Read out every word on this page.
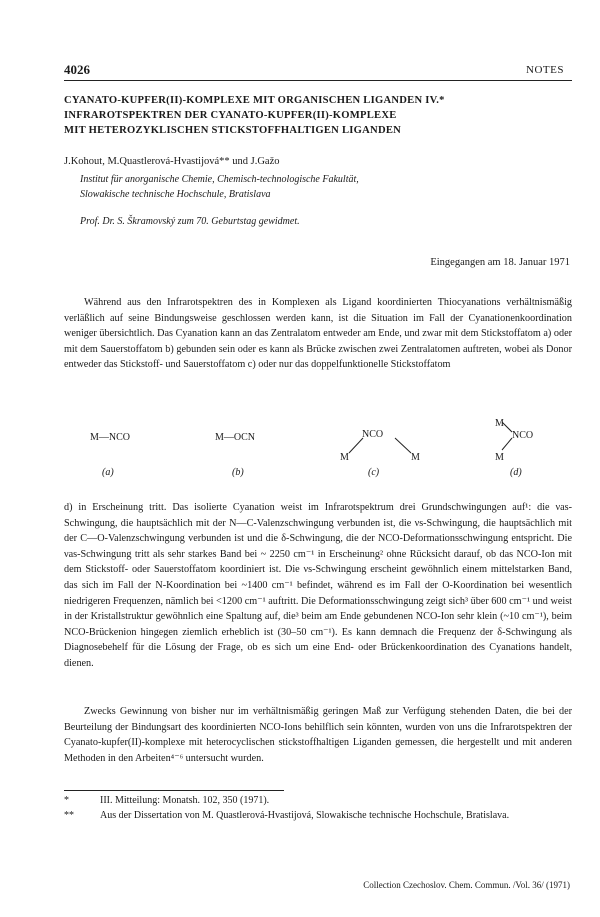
4026	NOTES
CYANATO-KUPFER(II)-KOMPLEXE MIT ORGANISCHEN LIGANDEN IV.*
INFRAROTSPEKTREN DER CYANATO-KUPFER(II)-KOMPLEXE
MIT HETEROZYKLISCHEN STICKSTOFFHALTIGEN LIGANDEN
J.Kohout, M.Quastlerová-Hvastijová** und J.Gažo
Institut für anorganische Chemie, Chemisch-technologische Fakultät,
Slowakische technische Hochschule, Bratislava
Prof. Dr. S. Škramovský zum 70. Geburtstag gewidmet.
Eingegangen am 18. Januar 1971

Während aus den Infrarotspektren des in Komplexen als Ligand koordinierten Thiocyanations verhältnismäßig verläßlich auf seine Bindungsweise geschlossen werden kann, ist die Situation im Fall der Cyanationenkoordination weniger übersichtlich. Das Cyanation kann an das Zentralatom entweder am Ende, und zwar mit dem Stickstoffatom a) oder mit dem Sauerstoffatom b) gebunden sein oder es kann als Brücke zwischen zwei Zentralatomen auftreten, wobei als Donor entweder das Stickstoff- und Sauerstoffatom c) oder nur das doppelfunktionelle Stickstoffatom

M—NCO
(a)
M—OCN
(b)
NCO
M	M
(c)
M
NCO
M
(d)

d) in Erscheinung tritt. Das isolierte Cyanation weist im Infrarotspektrum drei Grundschwingungen auf¹: die νas-Schwingung, die hauptsächlich mit der N—C-Valenzschwingung verbunden ist, die νs-Schwingung, die hauptsächlich mit der C—O-Valenzschwingung verbunden ist und die δ-Schwingung, die der NCO-Deformationsschwingung entspricht. Die νas-Schwingung tritt als sehr starkes Band bei ~ 2250 cm⁻¹ in Erscheinung² ohne Rücksicht darauf, ob das NCO-Ion mit dem Stickstoff- oder Sauerstoffatom koordiniert ist. Die νs-Schwingung erscheint gewöhnlich einem mittelstarken Band, das sich im Fall der N-Koordination bei ~1400 cm⁻¹ befindet, während es im Fall der O-Koordination bei wesentlich niedrigeren Frequenzen, nämlich bei <1200 cm⁻¹ auftritt. Die Deformationsschwingung zeigt sich³ über 600 cm⁻¹ und weist in der Kristallstruktur gewöhnlich eine Spaltung auf, die³ beim am Ende gebundenen NCO-Ion sehr klein (~10 cm⁻¹), beim NCO-Brückenion hingegen ziemlich erheblich ist (30–50 cm⁻¹). Es kann demnach die Frequenz der δ-Schwingung als Diagnosebehelf für die Lösung der Frage, ob es sich um eine End- oder Brückenkoordination des Cyanations handelt, dienen.

Zwecks Gewinnung von bisher nur im verhältnismäßig geringen Maß zur Verfügung stehenden Daten, die bei der Beurteilung der Bindungsart des koordinierten NCO-Ions behilflich sein könnten, wurden von uns die Infrarotspektren der Cyanato-kupfer(II)-komplexe mit heterocyclischen stickstoffhaltigen Liganden gemessen, die hergestellt und mit anderen Methoden in den Arbeiten⁴⁻⁶ untersucht wurden.

*	III. Mitteilung: Monatsh. 102, 350 (1971).
**	Aus der Dissertation von M. Quastlerová-Hvastijová, Slowakische technische Hochschule, Bratislava.
Collection Czechoslov. Chem. Commun. /Vol. 36/ (1971)
